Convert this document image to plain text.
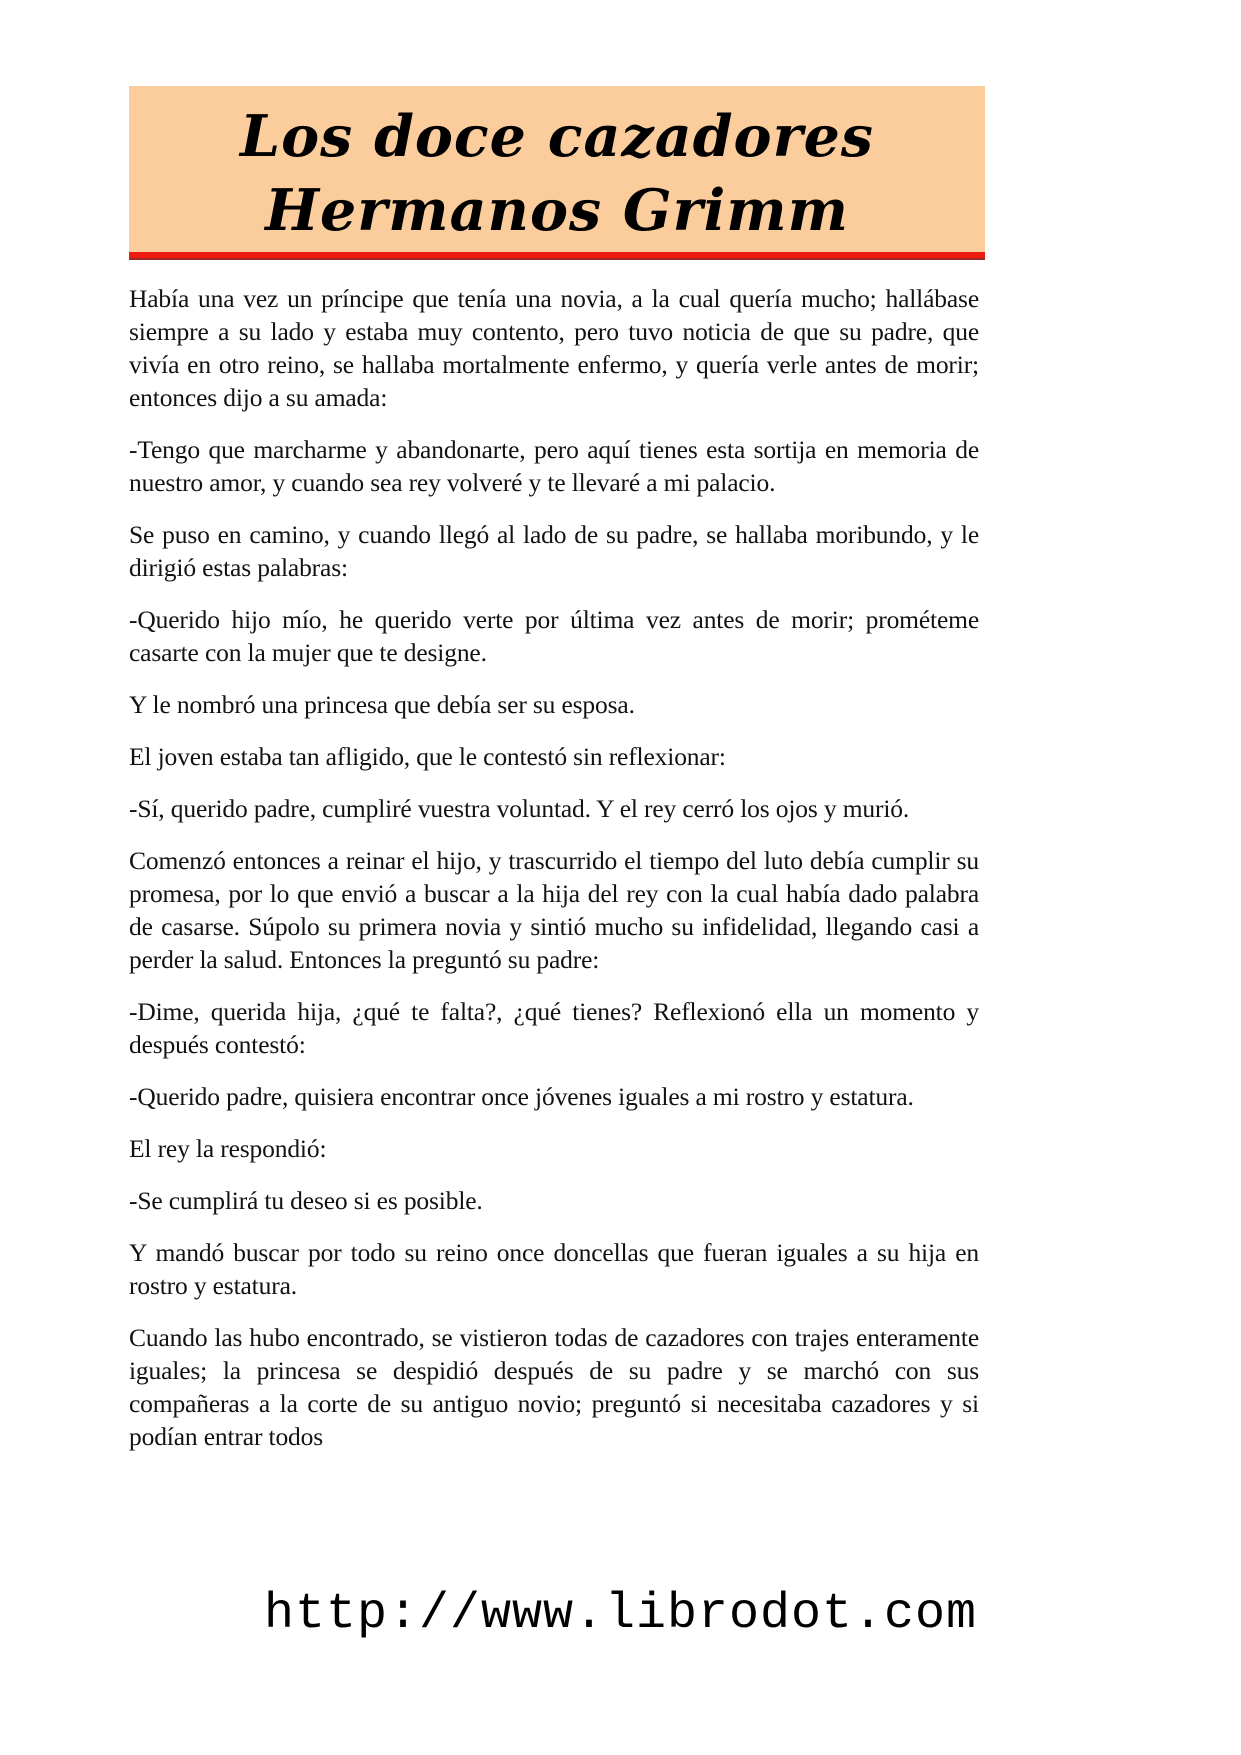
Los doce cazadores
Hermanos Grimm

Había una vez un príncipe que tenía una novia, a la cual quería mucho; hallábase siempre a su lado y estaba muy contento, pero tuvo noticia de que su padre, que vivía en otro reino, se hallaba mortalmente enfermo, y quería verle antes de morir; entonces dijo a su amada:

-Tengo que marcharme y abandonarte, pero aquí tienes esta sortija en memoria de nuestro amor, y cuando sea rey volveré y te llevaré a mi palacio.

Se puso en camino, y cuando llegó al lado de su padre, se hallaba moribundo, y le dirigió estas palabras:

-Querido hijo mío, he querido verte por última vez antes de morir; prométeme casarte con la mujer que te designe.

Y le nombró una princesa que debía ser su esposa.

El joven estaba tan afligido, que le contestó sin reflexionar:

-Sí, querido padre, cumpliré vuestra voluntad. Y el rey cerró los ojos y murió.

Comenzó entonces a reinar el hijo, y trascurrido el tiempo del luto debía cumplir su promesa, por lo que envió a buscar a la hija del rey con la cual había dado palabra de casarse. Súpolo su primera novia y sintió mucho su infidelidad, llegando casi a perder la salud. Entonces la preguntó su padre:

-Dime, querida hija, ¿qué te falta?, ¿qué tienes? Reflexionó ella un momento y después contestó:

-Querido padre, quisiera encontrar once jóvenes iguales a mi rostro y estatura.

El rey la respondió:

-Se cumplirá tu deseo si es posible.

Y mandó buscar por todo su reino once doncellas que fueran iguales a su hija en rostro y estatura.

Cuando las hubo encontrado, se vistieron todas de cazadores con trajes enteramente iguales; la princesa se despidió después de su padre y se marchó con sus compañeras a la corte de su antiguo novio; preguntó si necesitaba cazadores y si podían entrar todos

http://www.librodot.com
